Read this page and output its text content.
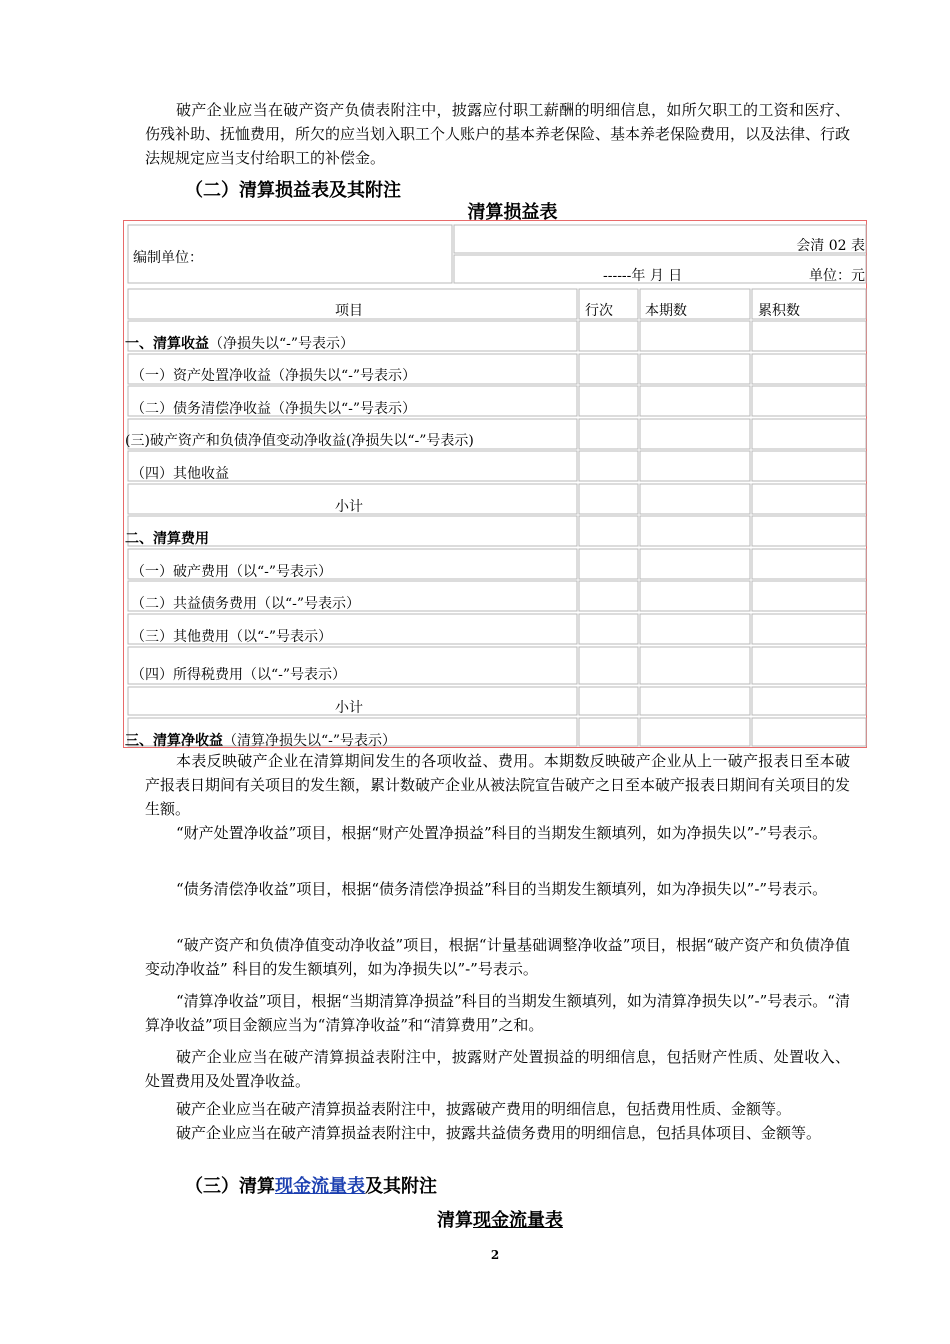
破产企业应当在破产资产负债表附注中，披露应付职工薪酬的明细信息，如所欠职工的工资和医疗、伤残补助、抚恤费用，所欠的应当划入职工个人账户的基本养老保险、基本养老保险费用，以及法律、行政法规规定应当支付给职工的补偿金。

（二）清算损益表及其附注

清算损益表
编制单位：
会清 02 表
------年 月 日	单位：元
项目	行次 本期数	累积数
一、清算收益（净损失以“-”号表示）
（一）资产处置净收益（净损失以“-”号表示）
（二）债务清偿净收益（净损失以“-”号表示）
(三)破产资产和负债净值变动净收益(净损失以“-”号表示)
（四）其他收益
小计
二、清算费用
（一）破产费用（以“-”号表示）
（二）共益债务费用（以“-”号表示）
（三）其他费用（以“-”号表示）
（四）所得税费用（以“-”号表示）
小计
三、清算净收益（清算净损失以“-”号表示）

本表反映破产企业在清算期间发生的各项收益、费用。本期数反映破产企业从上一破产报表日至本破产报表日期间有关项目的发生额，累计数破产企业从被法院宣告破产之日至本破产报表日期间有关项目的发生额。

“财产处置净收益”项目，根据“财产处置净损益”科目的当期发生额填列，如为净损失以”-”号表示。

“债务清偿净收益”项目，根据“债务清偿净损益”科目的当期发生额填列，如为净损失以”-”号表示。

“破产资产和负债净值变动净收益”项目，根据“计量基础调整净收益”项目，根据“破产资产和负债净值变动净收益” 科目的发生额填列，如为净损失以”-”号表示。

“清算净收益”项目，根据“当期清算净损益”科目的当期发生额填列，如为清算净损失以”-”号表示。“清算净收益”项目金额应当为“清算净收益”和“清算费用”之和。

破产企业应当在破产清算损益表附注中，披露财产处置损益的明细信息，包括财产性质、处置收入、处置费用及处置净收益。

破产企业应当在破产清算损益表附注中，披露破产费用的明细信息，包括费用性质、金额等。

破产企业应当在破产清算损益表附注中，披露共益债务费用的明细信息，包括具体项目、金额等。

（三）清算现金流量表及其附注

清算现金流量表

2
